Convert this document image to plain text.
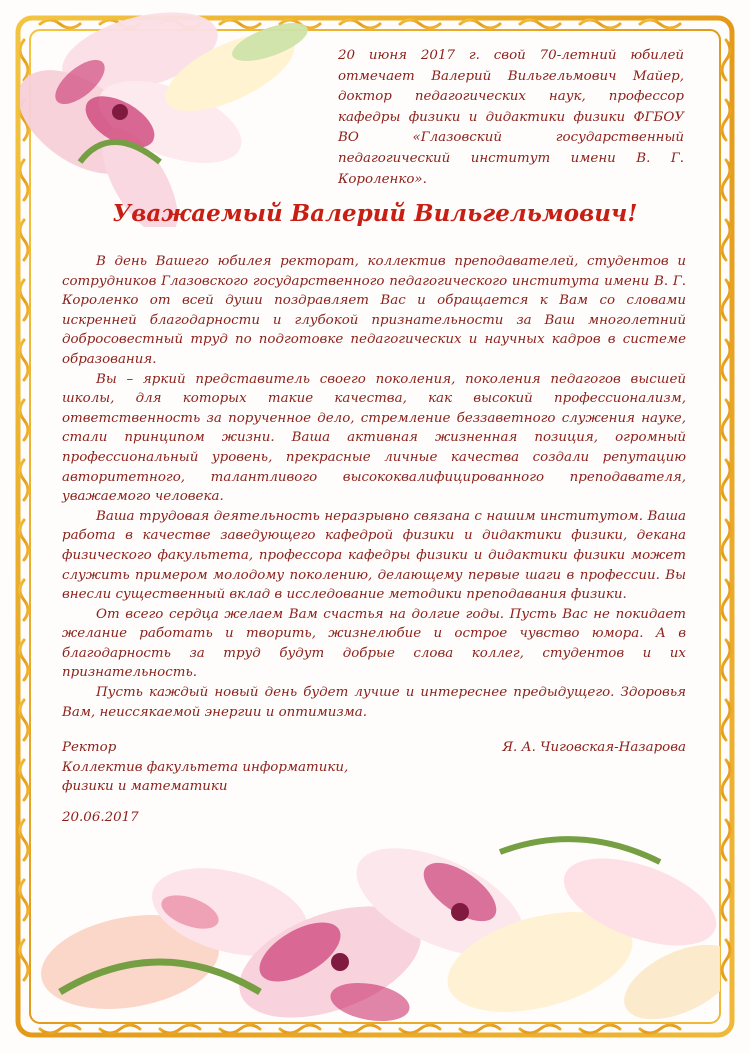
20 июня 2017 г. свой 70-летний юбилей отмечает Валерий Вильгельмович Майер, доктор педагогических наук, профессор кафедры физики и дидактики физики ФГБОУ ВО «Глазовский государственный педагогический институт имени В. Г. Короленко».

Уважаемый Валерий Вильгельмович!

В день Вашего юбилея ректорат, коллектив преподавателей, студентов и сотрудников Глазовского государственного педагогического института имени В. Г. Короленко от всей души поздравляет Вас и обращается к Вам со словами искренней благодарности и глубокой признательности за Ваш многолетний добросовестный труд по подготовке педагогических и научных кадров в системе образования.

Вы – яркий представитель своего поколения, поколения педагогов высшей школы, для которых такие качества, как высокий профессионализм, ответственность за порученное дело, стремление беззаветного служения науке, стали принципом жизни. Ваша активная жизненная позиция, огромный профессиональный уровень, прекрасные личные качества создали репутацию авторитетного, талантливого высококвалифицированного преподавателя, уважаемого человека.

Ваша трудовая деятельность неразрывно связана с нашим институтом. Ваша работа в качестве заведующего кафедрой физики и дидактики физики, декана физического факультета, профессора кафедры физики и дидактики физики может служить примером молодому поколению, делающему первые шаги в профессии. Вы внесли существенный вклад в исследование методики преподавания физики.

От всего сердца желаем Вам счастья на долгие годы. Пусть Вас не покидает желание работать и творить, жизнелюбие и острое чувство юмора. А в благодарность за труд будут добрые слова коллег, студентов и их признательность.

Пусть каждый новый день будет лучше и интереснее предыдущего. Здоровья Вам, неиссякаемой энергии и оптимизма.

Ректор
Коллектив факультета информатики,
физики и математики
Я. А. Чиговская-Назарова
20.06.2017
